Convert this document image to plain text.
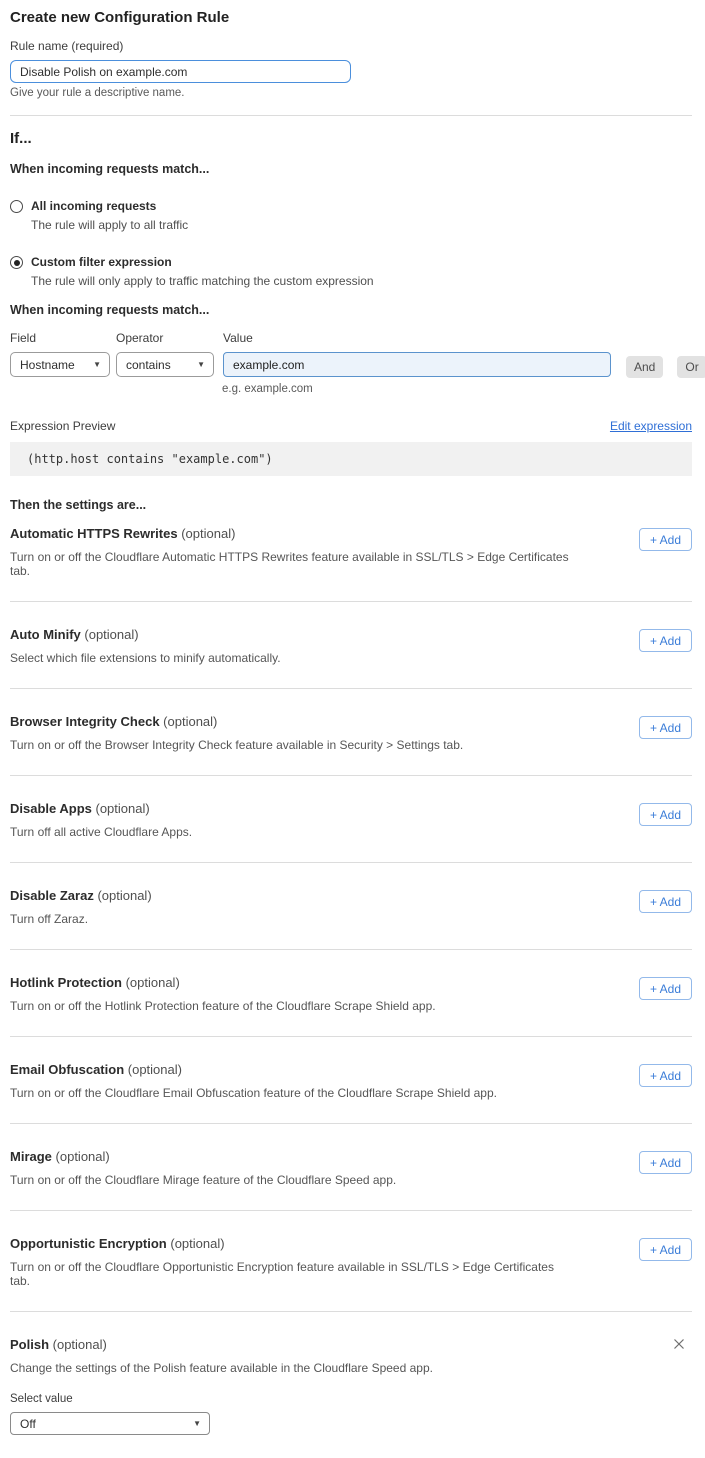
Create new Configuration Rule
Rule name (required)
Disable Polish on example.com
Give your rule a descriptive name.
If...
When incoming requests match...
All incoming requests
The rule will apply to all traffic
Custom filter expression
The rule will only apply to traffic matching the custom expression
When incoming requests match...
Field
Hostname ▼
Operator
contains	▼
Value
example.com
And	Or
e.g. example.com
Expression Preview	Edit expression
(http.host contains "example.com")
Then the settings are...
Automatic HTTPS Rewrites (optional)
Turn on or off the Cloudflare Automatic HTTPS Rewrites feature available in SSL/TLS > Edge Certificates tab.
+ Add
Auto Minify (optional)
Select which file extensions to minify automatically.
+ Add
Browser Integrity Check (optional)
Turn on or off the Browser Integrity Check feature available in Security > Settings tab.
+ Add
Disable Apps (optional)
Turn off all active Cloudflare Apps.
+ Add
Disable Zaraz (optional)
Turn off Zaraz.
+ Add
Hotlink Protection (optional)
Turn on or off the Hotlink Protection feature of the Cloudflare Scrape Shield app.
+ Add
Email Obfuscation (optional)
Turn on or off the Cloudflare Email Obfuscation feature of the Cloudflare Scrape Shield app.
+ Add
Mirage (optional)
Turn on or off the Cloudflare Mirage feature of the Cloudflare Speed app.
+ Add
Opportunistic Encryption (optional)
Turn on or off the Cloudflare Opportunistic Encryption feature available in SSL/TLS > Edge Certificates tab.
+ Add
Polish (optional)
Change the settings of the Polish feature available in the Cloudflare Speed app.
Select value
Off	▼
